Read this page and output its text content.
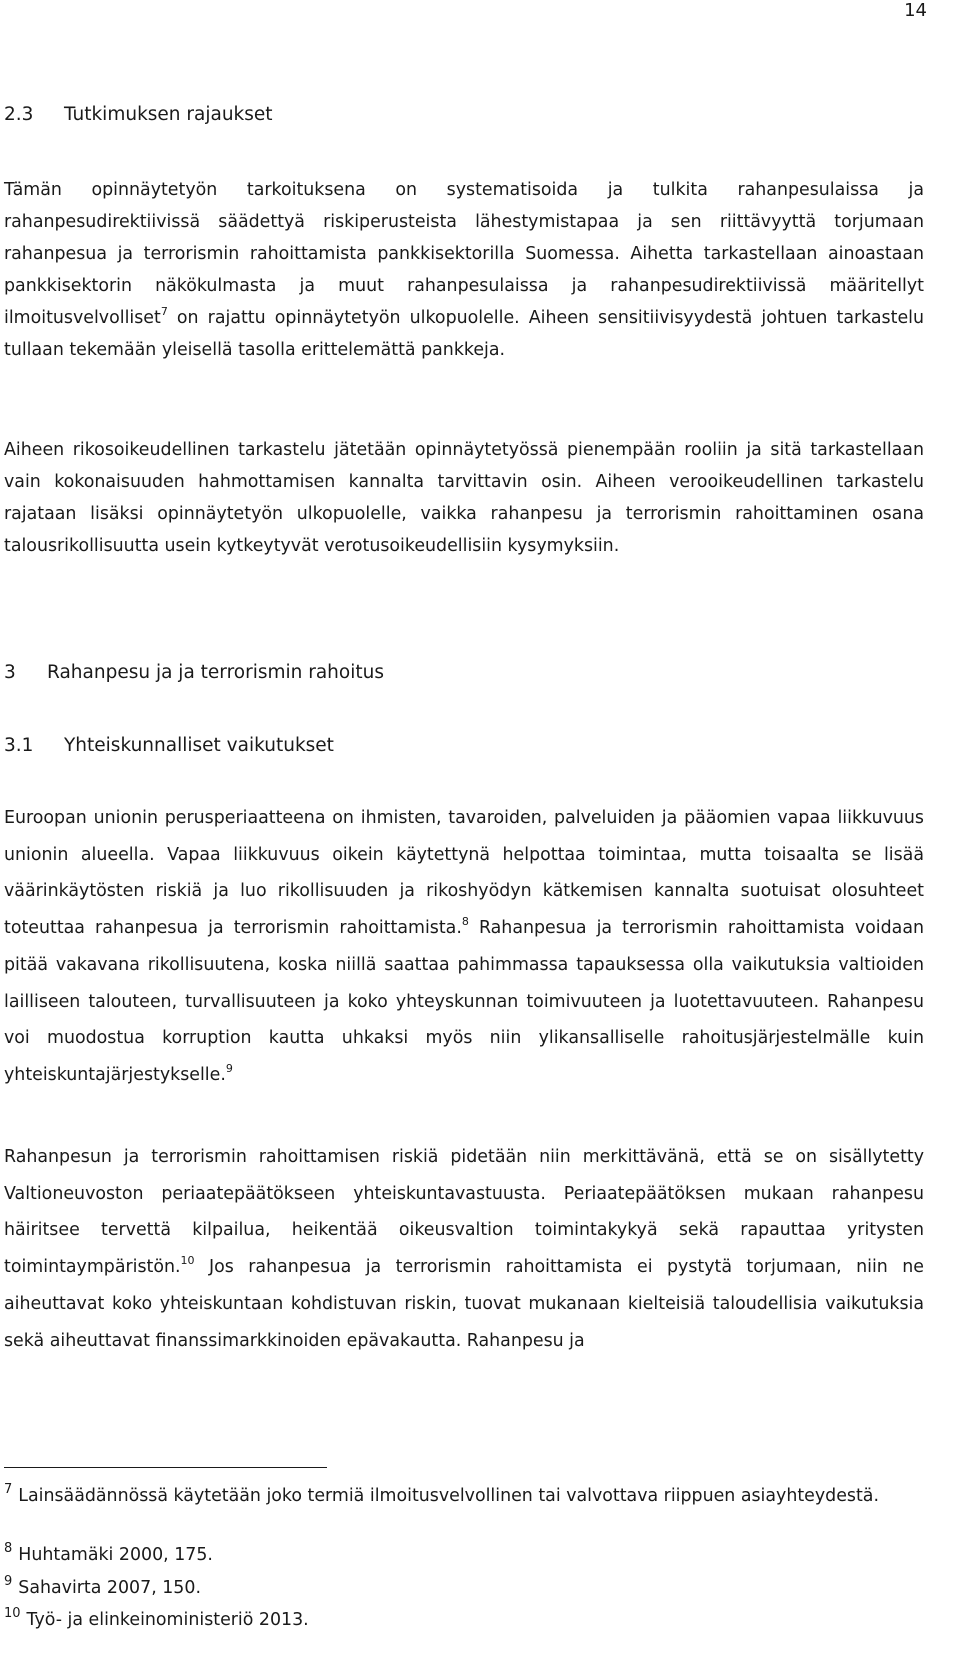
14
2.3 Tutkimuksen rajaukset

Tämän opinnäytetyön tarkoituksena on systematisoida ja tulkita rahanpesulaissa ja rahanpesudirektiivissä säädettyä riskiperusteista lähestymistapaa ja sen riittävyyttä torjumaan rahanpesua ja terrorismin rahoittamista pankkisektorilla Suomessa. Aihetta tarkastellaan ainoastaan pankkisektorin näkökulmasta ja muut rahanpesulaissa ja rahanpesudirektiivissä määritellyt ilmoitusvelvolliset$^7$ on rajattu opinnäytetyön ulkopuolelle. Aiheen sensitiivisyydestä johtuen tarkastelu tullaan tekemään yleisellä tasolla erittelemättä pankkeja.

Aiheen rikosoikeudellinen tarkastelu jätetään opinnäytetyössä pienempään rooliin ja sitä tarkastellaan vain kokonaisuuden hahmottamisen kannalta tarvittavin osin. Aiheen verooikeudellinen tarkastelu rajataan lisäksi opinnäytetyön ulkopuolelle, vaikka rahanpesu ja terrorismin rahoittaminen osana talousrikollisuutta usein kytkeytyvät verotusoikeudellisiin kysymyksiin.

3 Rahanpesu ja ja terrorismin rahoitus
3.1 Yhteiskunnalliset vaikutukset

Euroopan unionin perusperiaatteena on ihmisten, tavaroiden, palveluiden ja pääomien vapaa liikkuvuus unionin alueella. Vapaa liikkuvuus oikein käytettynä helpottaa toimintaa, mutta toisaalta se lisää väärinkäytösten riskiä ja luo rikollisuuden ja rikoshyödyn kätkemisen kannalta suotuisat olosuhteet toteuttaa rahanpesua ja terrorismin rahoittamista.$^8$ Rahanpesua ja terrorismin rahoittamista voidaan pitää vakavana rikollisuutena, koska niillä saattaa pahimmassa tapauksessa olla vaikutuksia valtioiden lailliseen talouteen, turvallisuuteen ja koko yhteyskunnan toimivuuteen ja luotettavuuteen. Rahanpesu voi muodostua korruption kautta uhkaksi myös niin ylikansalliselle rahoitusjärjestelmälle kuin yhteiskuntajärjestykselle.$^9$

Rahanpesun ja terrorismin rahoittamisen riskiä pidetään niin merkittävänä, että se on sisällytetty Valtioneuvoston periaatepäätökseen yhteiskuntavastuusta. Periaatepäätöksen mukaan rahanpesu häiritsee tervettä kilpailua, heikentää oikeusvaltion toimintakykyä sekä rapauttaa yritysten toimintaympäristön.$^{10}$ Jos rahanpesua ja terrorismin rahoittamista ei pystytä torjumaan, niin ne aiheuttavat koko yhteiskuntaan kohdistuvan riskin, tuovat mukanaan kielteisiä taloudellisia vaikutuksia sekä aiheuttavat finanssimarkkinoiden epävakautta. Rahanpesu ja

$^7$ Lainsäädännössä käytetään joko termiä ilmoitusvelvollinen tai valvottava riippuen asiayhteydestä.

$^8$ Huhtamäki 2000, 175.

$^9$ Sahavirta 2007, 150.

$^{10}$ Työ- ja elinkeinoministeriö 2013.
